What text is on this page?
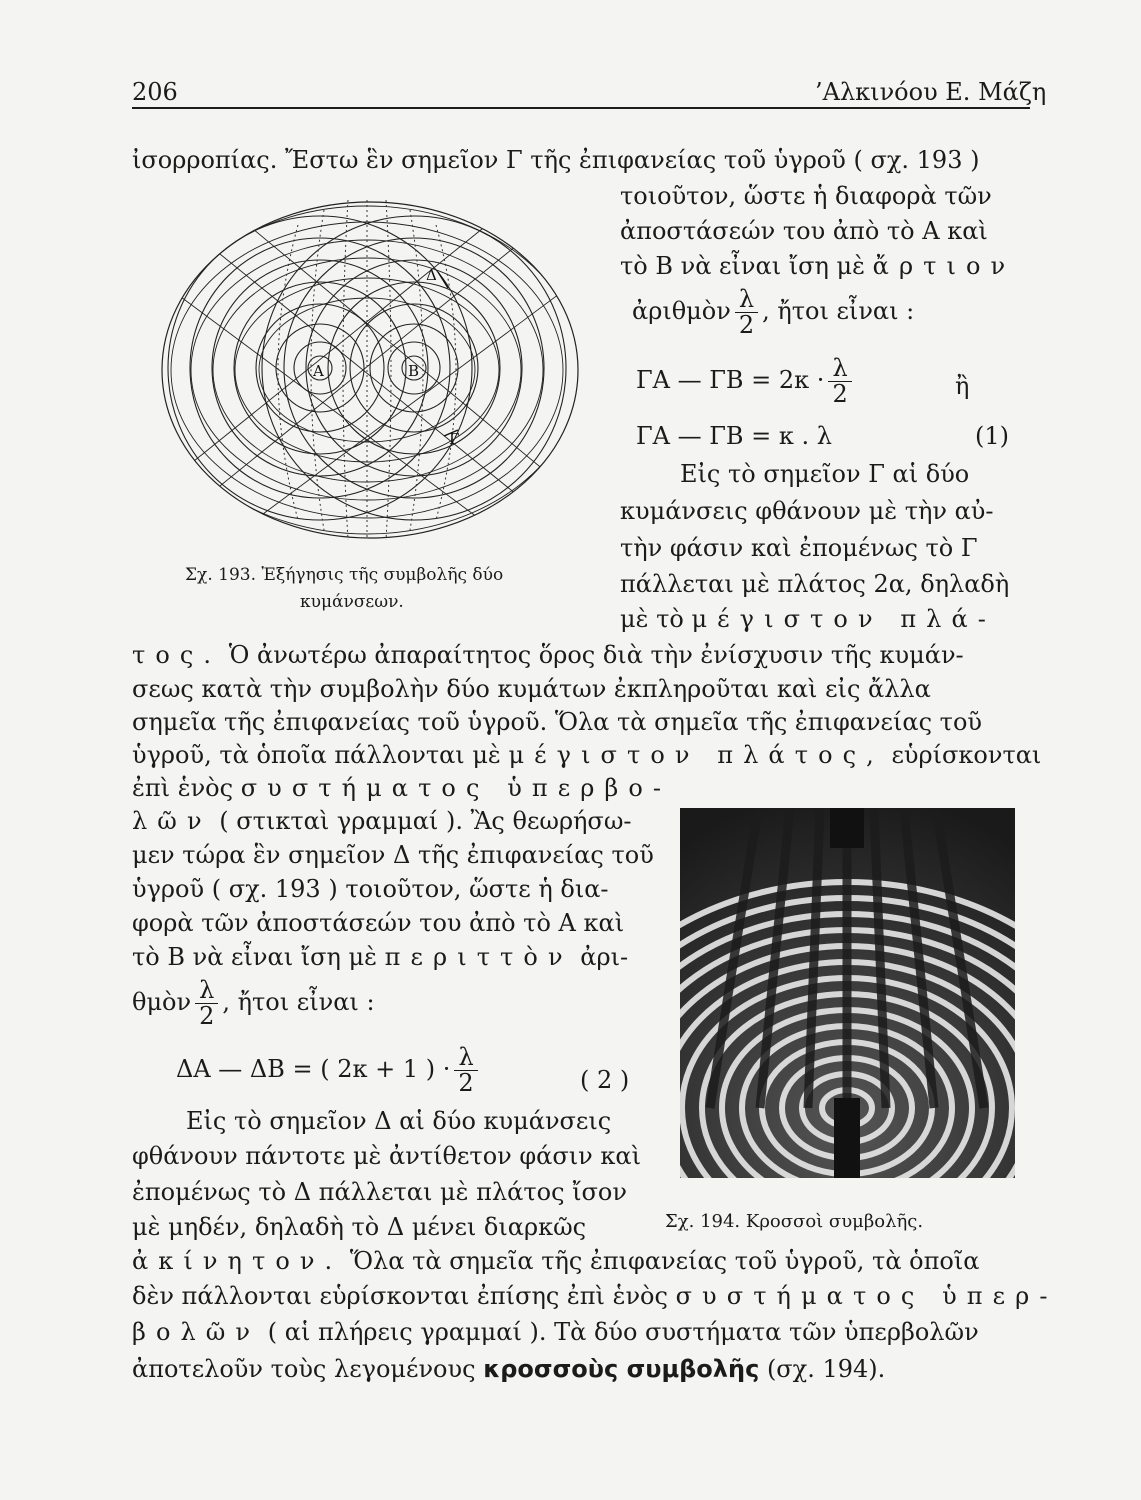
206	’Αλκινόου Ε. Μάζη
ἰσορροπίας. Ἔστω ἓν σημεῖον Γ τῆς ἐπιφανείας τοῦ ὑγροῦ ( σχ. 193 )
Α	Β
Γ
Δ
Σχ. 193. Ἐξήγησις τῆς συμβολῆς δύο
κυμάνσεων.
τοιοῦτον, ὥστε ἡ διαφορὰ τῶν
ἀποστάσεών του ἀπὸ τὸ Α καὶ
τὸ Β νὰ εἶναι ἴση μὲ ἄρτιον
ἀριθμὸν $\frac{\lambda}{2}$ , ἤτοι εἶναι :
ΓΑ — $\Gamma B = 2\kappa \cdot \frac{\lambda}{2}$	ἢ
ΓΑ — ΓΒ = κ . λ	(1)
Εἰς τὸ σημεῖον Γ αἱ δύο
κυμάνσεις φθάνουν μὲ τὴν αὐ-
τὴν φάσιν καὶ ἐπομένως τὸ Γ
πάλλεται μὲ πλάτος 2α, δηλαδὴ
μὲ τὸ μέγιστον πλά-
τος. Ὁ ἀνωτέρω ἀπαραίτητος ὅρος διὰ τὴν ἐνίσχυσιν τῆς κυμάν-
σεως κατὰ τὴν συμβολὴν δύο κυμάτων ἐκπληροῦται καὶ εἰς ἄλλα
σημεῖα τῆς ἐπιφανείας τοῦ ὑγροῦ. Ὅλα τὰ σημεῖα τῆς ἐπιφανείας τοῦ
ὑγροῦ, τὰ ὁποῖα πάλλονται μὲ μέγιστον πλάτος, εὑρίσκονται
ἐπὶ ἑνὸς συστήματος ὑπερβο-
λῶν ( στικταὶ γραμμαί ). Ἂς θεωρήσω-
μεν τώρα ἓν σημεῖον Δ τῆς ἐπιφανείας τοῦ
ὑγροῦ ( σχ. 193 ) τοιοῦτον, ὥστε ἡ δια-
φορὰ τῶν ἀποστάσεών του ἀπὸ τὸ Α καὶ
τὸ Β νὰ εἶναι ἴση μὲ περιττὸν ἀρι-
θμὸν $\frac{\lambda}{2}$ , ἤτοι εἶναι :
ΔΑ — ΔΒ = ( 2κ + 1 ) · $\frac{\lambda}{2}$	( 2 )
Εἰς τὸ σημεῖον Δ αἱ δύο κυμάνσεις
φθάνουν πάντοτε μὲ ἀντίθετον φάσιν καὶ
ἐπομένως τὸ Δ πάλλεται μὲ πλάτος ἴσον
μὲ μηδέν, δηλαδὴ τὸ Δ μένει διαρκῶς	Σχ. 194. Κροσσοὶ συμβολῆς.
ἀκίνητον. Ὅλα τὰ σημεῖα τῆς ἐπιφανείας τοῦ ὑγροῦ, τὰ ὁποῖα
δὲν πάλλονται εὑρίσκονται ἐπίσης ἐπὶ ἑνὸς συστήματος ὑπερ-
βολῶν ( αἱ πλήρεις γραμμαί ). Τὰ δύο συστήματα τῶν ὑπερβολῶν
ἀποτελοῦν τοὺς λεγομένους κροσσοὺς συμβολῆς (σχ. 194).
